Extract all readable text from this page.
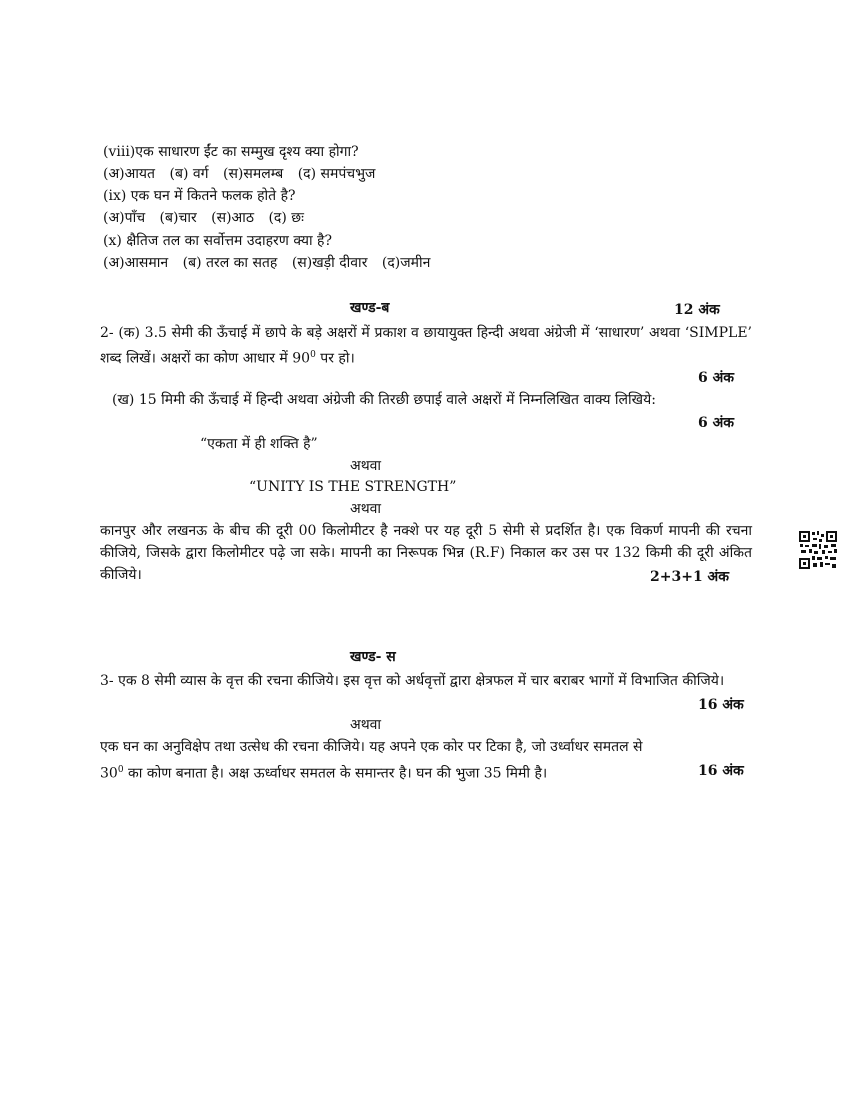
(viii)एक साधारण ईंट का सम्मुख दृश्य क्या होगा?
(अ)आयत (ब) वर्ग (स)समलम्ब (द) समपंचभुज
(ix) एक घन में कितने फलक होते है?
(अ)पाँच (ब)चार (स)आठ (द) छः
(x) क्षैतिज तल का सर्वोत्तम उदाहरण क्या है?
(अ)आसमान (ब) तरल का सतह (स)खड़ी दीवार (द)जमीन
खण्ड-ब	12 अंक
2- (क) 3.5 सेमी की ऊँचाई में छापे के बड़े अक्षरों में प्रकाश व छायायुक्त हिन्दी अथवा अंग्रेजी में ‘साधारण’ अथवा ‘SIMPLE’ शब्द लिखें। अक्षरों का कोण आधार में $90^0$ पर हो।
6 अंक
(ख) 15 मिमी की ऊँचाई में हिन्दी अथवा अंग्रेजी की तिरछी छपाई वाले अक्षरों में निम्नलिखित वाक्य लिखिये:
6 अंक
“एकता में ही शक्ति है”
अथवा
“UNITY IS THE STRENGTH”
अथवा
कानपुर और लखनऊ के बीच की दूरी 00 किलोमीटर है नक्शे पर यह दूरी 5 सेमी से प्रदर्शित है। एक विकर्ण मापनी की रचना कीजिये, जिसके द्वारा किलोमीटर पढ़े जा सके। मापनी का निरूपक भिन्न (R.F) निकाल कर उस पर 132 किमी की दूरी अंकित कीजिये।	2+3+1 अंक
खण्ड- स
3- एक 8 सेमी व्यास के वृत्त की रचना कीजिये। इस वृत्त को अर्धवृत्तों द्वारा क्षेत्रफल में चार बराबर भागों में विभाजित कीजिये।
16 अंक
अथवा
एक घन का अनुविक्षेप तथा उत्सेध की रचना कीजिये। यह अपने एक कोर पर टिका है, जो उर्ध्वाधर समतल से
$30^0$ का कोण बनाता है। अक्ष ऊर्ध्वाधर समतल के समान्तर है। घन की भुजा 35 मिमी है।	16 अंक
